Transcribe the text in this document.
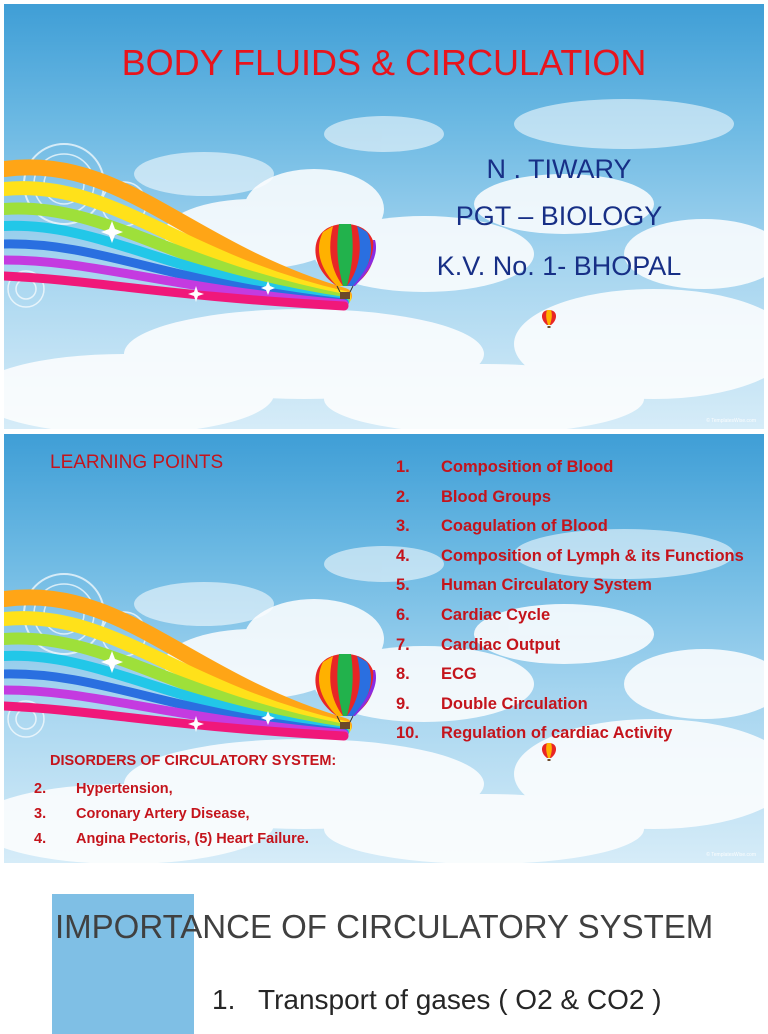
BODY FLUIDS & CIRCULATION
N . TIWARY
PGT – BIOLOGY
K.V. No. 1- BHOPAL
© TemplatesWise.com
LEARNING POINTS	1. Composition of Blood
2. Blood Groups
3. Coagulation of Blood
4. Composition of Lymph & its Functions
5. Human Circulatory System
6. Cardiac Cycle
7. Cardiac Output
8. ECG
9. Double Circulation
10. Regulation of cardiac Activity
DISORDERS OF CIRCULATORY SYSTEM:
2. Hypertension,
3. Coronary Artery Disease,
4. Angina Pectoris, (5) Heart Failure.
© TemplatesWise.com
IMPORTANCE OF CIRCULATORY SYSTEM
1. Transport of gases ( O2 & CO2 )
